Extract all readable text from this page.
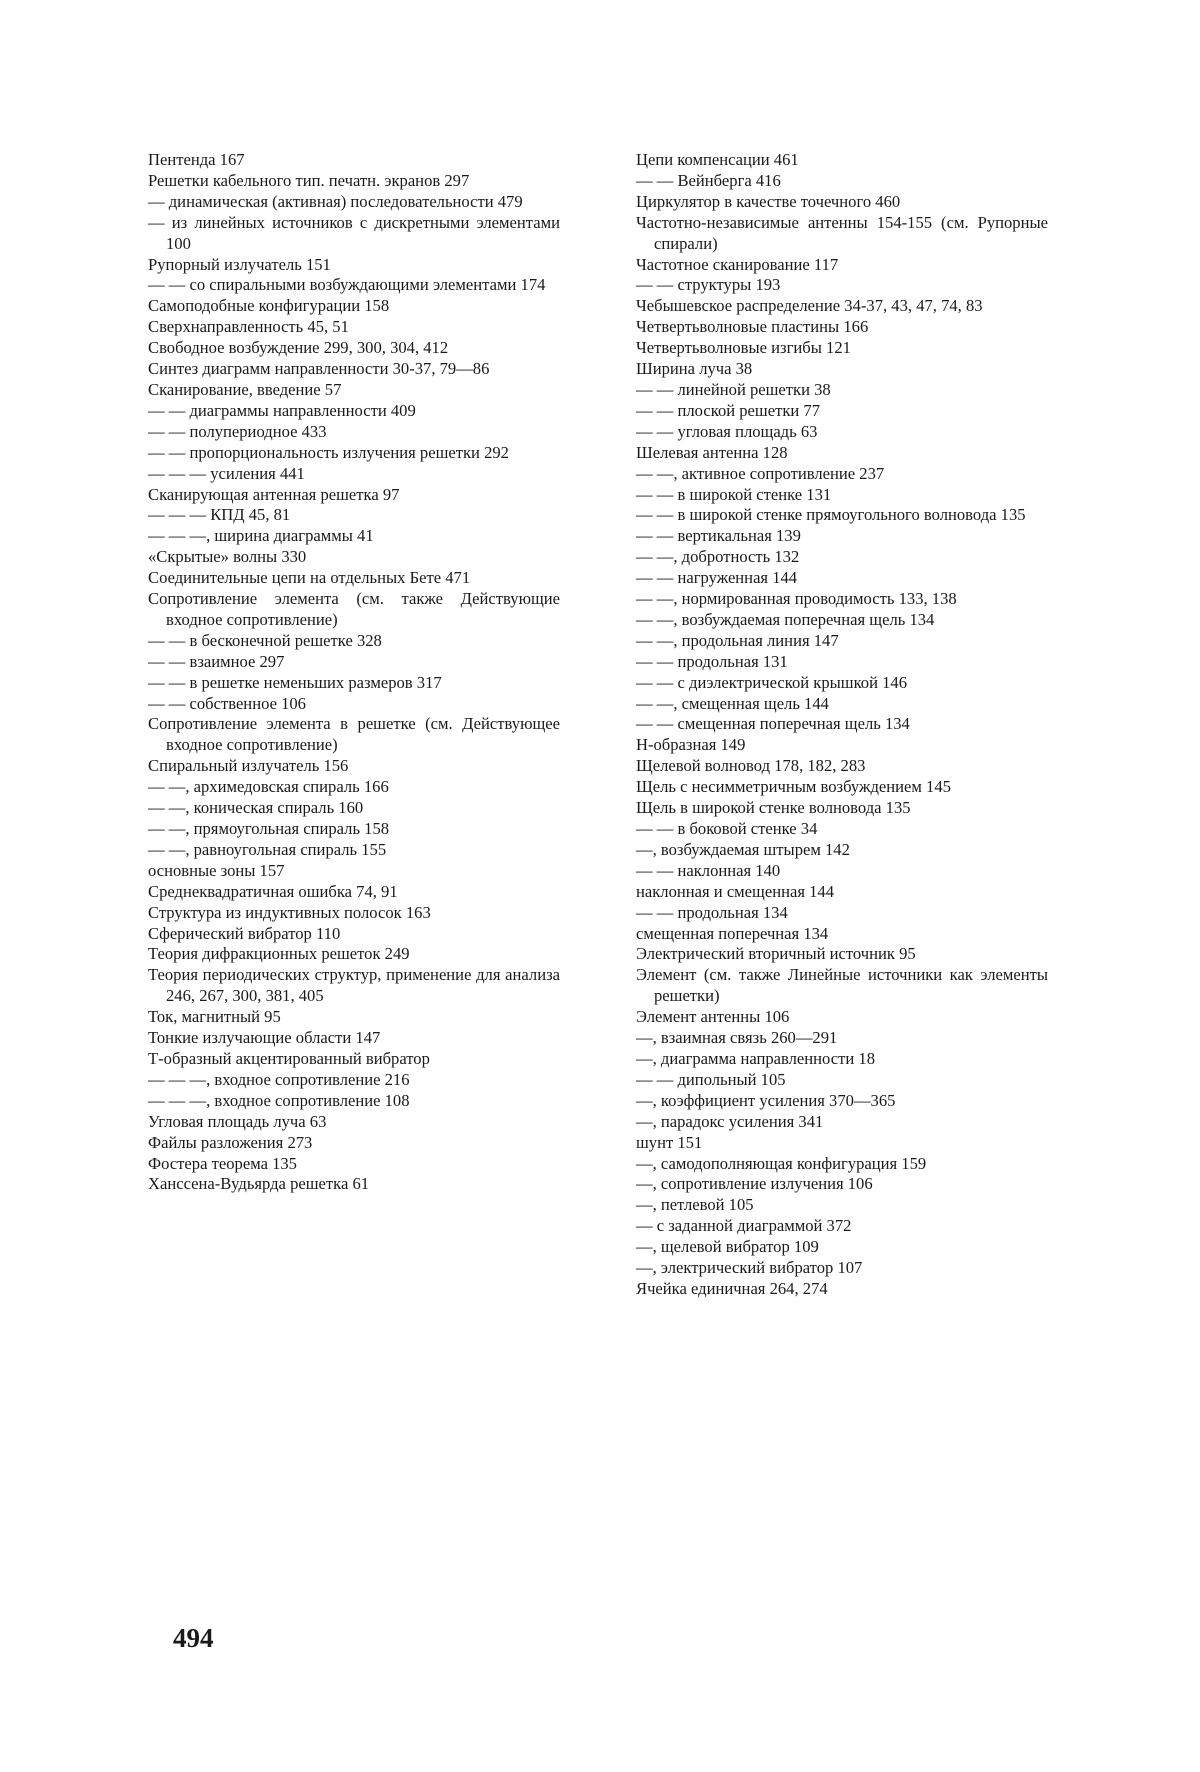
Пентенда 167

Решетки кабельного тип. печатн. экранов 297

— динамическая (активная) последовательности 479

— из линейных источников с дискретными элементами 100

Рупорный излучатель 151

— — со спиральными возбуждающими элементами 174

Самоподобные конфигурации 158

Сверхнаправленность 45, 51

Свободное возбуждение 299, 300, 304, 412

Синтез диаграмм направленности 30-37, 79—86

Сканирование, введение 57

— — диаграммы направленности 409

— — полупериодное 433

— — пропорциональность излучения решетки 292

— — — усиления 441

Сканирующая антенная решетка 97

— — — КПД 45, 81

— — —, ширина диаграммы 41

«Скрытые» волны 330

Соединительные цепи на отдельных Бете 471

Сопротивление элемента (см. также Действующие входное сопротивление)

— — в бесконечной решетке 328

— — взаимное 297

— — в решетке неменьших размеров 317

— — собственное 106

Сопротивление элемента в решетке (см. Действующее входное сопротивление)

Спиральный излучатель 156

— —, архимедовская спираль 166

— —, коническая спираль 160

— —, прямоугольная спираль 158

— —, равноугольная спираль 155

основные зоны 157

Среднеквадратичная ошибка 74, 91

Структура из индуктивных полосок 163

Сферический вибратор 110

Теория дифракционных решеток 249

Теория периодических структур, применение для анализа 246, 267, 300, 381, 405

Ток, магнитный 95

Тонкие излучающие области 147

Т-образный акцентированный вибратор

— — —, входное сопротивление 216

— — —, входное сопротивление 108

Угловая площадь луча 63

Файлы разложения 273

Фостера теорема 135

Ханссена-Вудьярда решетка 61

Цепи компенсации 461

— — Вейнберга 416

Циркулятор в качестве точечного 460

Частотно-независимые антенны 154-155 (см. Рупорные спирали)

Частотное сканирование 117

— — структуры 193

Чебышевское распределение 34-37, 43, 47, 74, 83

Четвертьволновые пластины 166

Четвертьволновые изгибы 121

Ширина луча 38

— — линейной решетки 38

— — плоской решетки 77

— — угловая площадь 63

Шелевая антенна 128

— —, активное сопротивление 237

— — в широкой стенке 131

— — в широкой стенке прямоугольного волновода 135

— — вертикальная 139

— —, добротность 132

— — нагруженная 144

— —, нормированная проводимость 133, 138

— —, возбуждаемая поперечная щель 134

— —, продольная линия 147

— — продольная 131

— — с диэлектрической крышкой 146

— —, смещенная щель 144

— — смещенная поперечная щель 134

Н-образная 149

Щелевой волновод 178, 182, 283

Щель с несимметричным возбуждением 145

Щель в широкой стенке волновода 135

— — в боковой стенке 34

—, возбуждаемая штырем 142

— — наклонная 140

наклонная и смещенная 144

— — продольная 134

смещенная поперечная 134

Электрический вторичный источник 95

Элемент (см. также Линейные источники как элементы решетки)

Элемент антенны 106

—, взаимная связь 260—291

—, диаграмма направленности 18

— — дипольный 105

—, коэффициент усиления 370—365

—, парадокс усиления 341

шунт 151

—, самодополняющая конфигурация 159

—, сопротивление излучения 106

—, петлевой 105

— с заданной диаграммой 372

—, щелевой вибратор 109

—, электрический вибратор 107

Ячейка единичная 264, 274

494
